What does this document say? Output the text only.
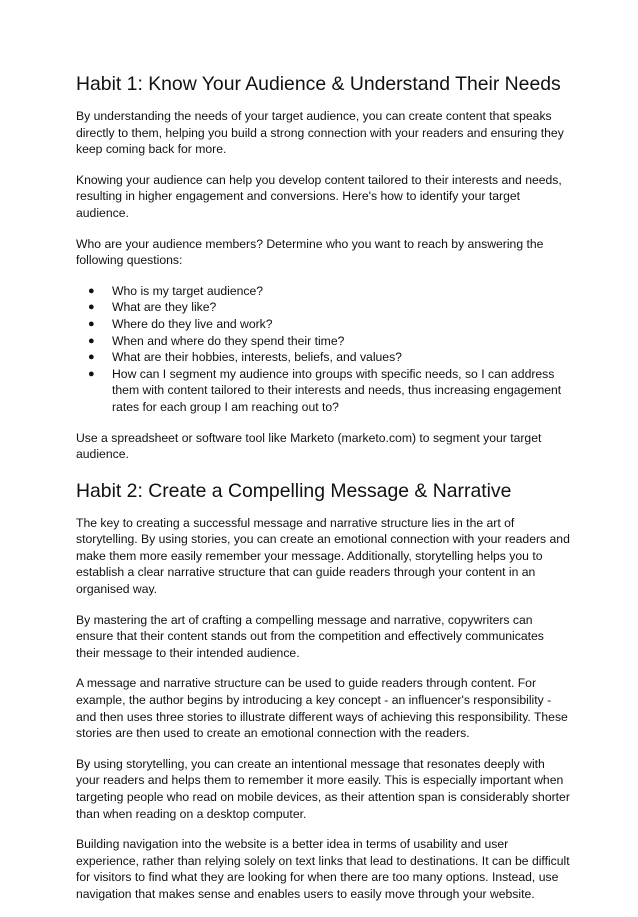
Habit 1: Know Your Audience & Understand Their Needs

By understanding the needs of your target audience, you can create content that speaks directly to them, helping you build a strong connection with your readers and ensuring they keep coming back for more.

Knowing your audience can help you develop content tailored to their interests and needs, resulting in higher engagement and conversions. Here's how to identify your target audience.

Who are your audience members? Determine who you want to reach by answering the following questions:

● Who is my target audience?
● What are they like?
● Where do they live and work?
● When and where do they spend their time?
● What are their hobbies, interests, beliefs, and values?
● How can I segment my audience into groups with specific needs, so I can address them with content tailored to their interests and needs, thus increasing engagement rates for each group I am reaching out to?

Use a spreadsheet or software tool like Marketo (marketo.com) to segment your target audience.

Habit 2: Create a Compelling Message & Narrative

The key to creating a successful message and narrative structure lies in the art of storytelling. By using stories, you can create an emotional connection with your readers and make them more easily remember your message. Additionally, storytelling helps you to establish a clear narrative structure that can guide readers through your content in an organised way.

By mastering the art of crafting a compelling message and narrative, copywriters can ensure that their content stands out from the competition and effectively communicates their message to their intended audience.

A message and narrative structure can be used to guide readers through content. For example, the author begins by introducing a key concept - an influencer's responsibility - and then uses three stories to illustrate different ways of achieving this responsibility. These stories are then used to create an emotional connection with the readers.

By using storytelling, you can create an intentional message that resonates deeply with your readers and helps them to remember it more easily. This is especially important when targeting people who read on mobile devices, as their attention span is considerably shorter than when reading on a desktop computer.

Building navigation into the website is a better idea in terms of usability and user experience, rather than relying solely on text links that lead to destinations. It can be difficult for visitors to find what they are looking for when there are too many options. Instead, use navigation that makes sense and enables users to easily move through your website.
